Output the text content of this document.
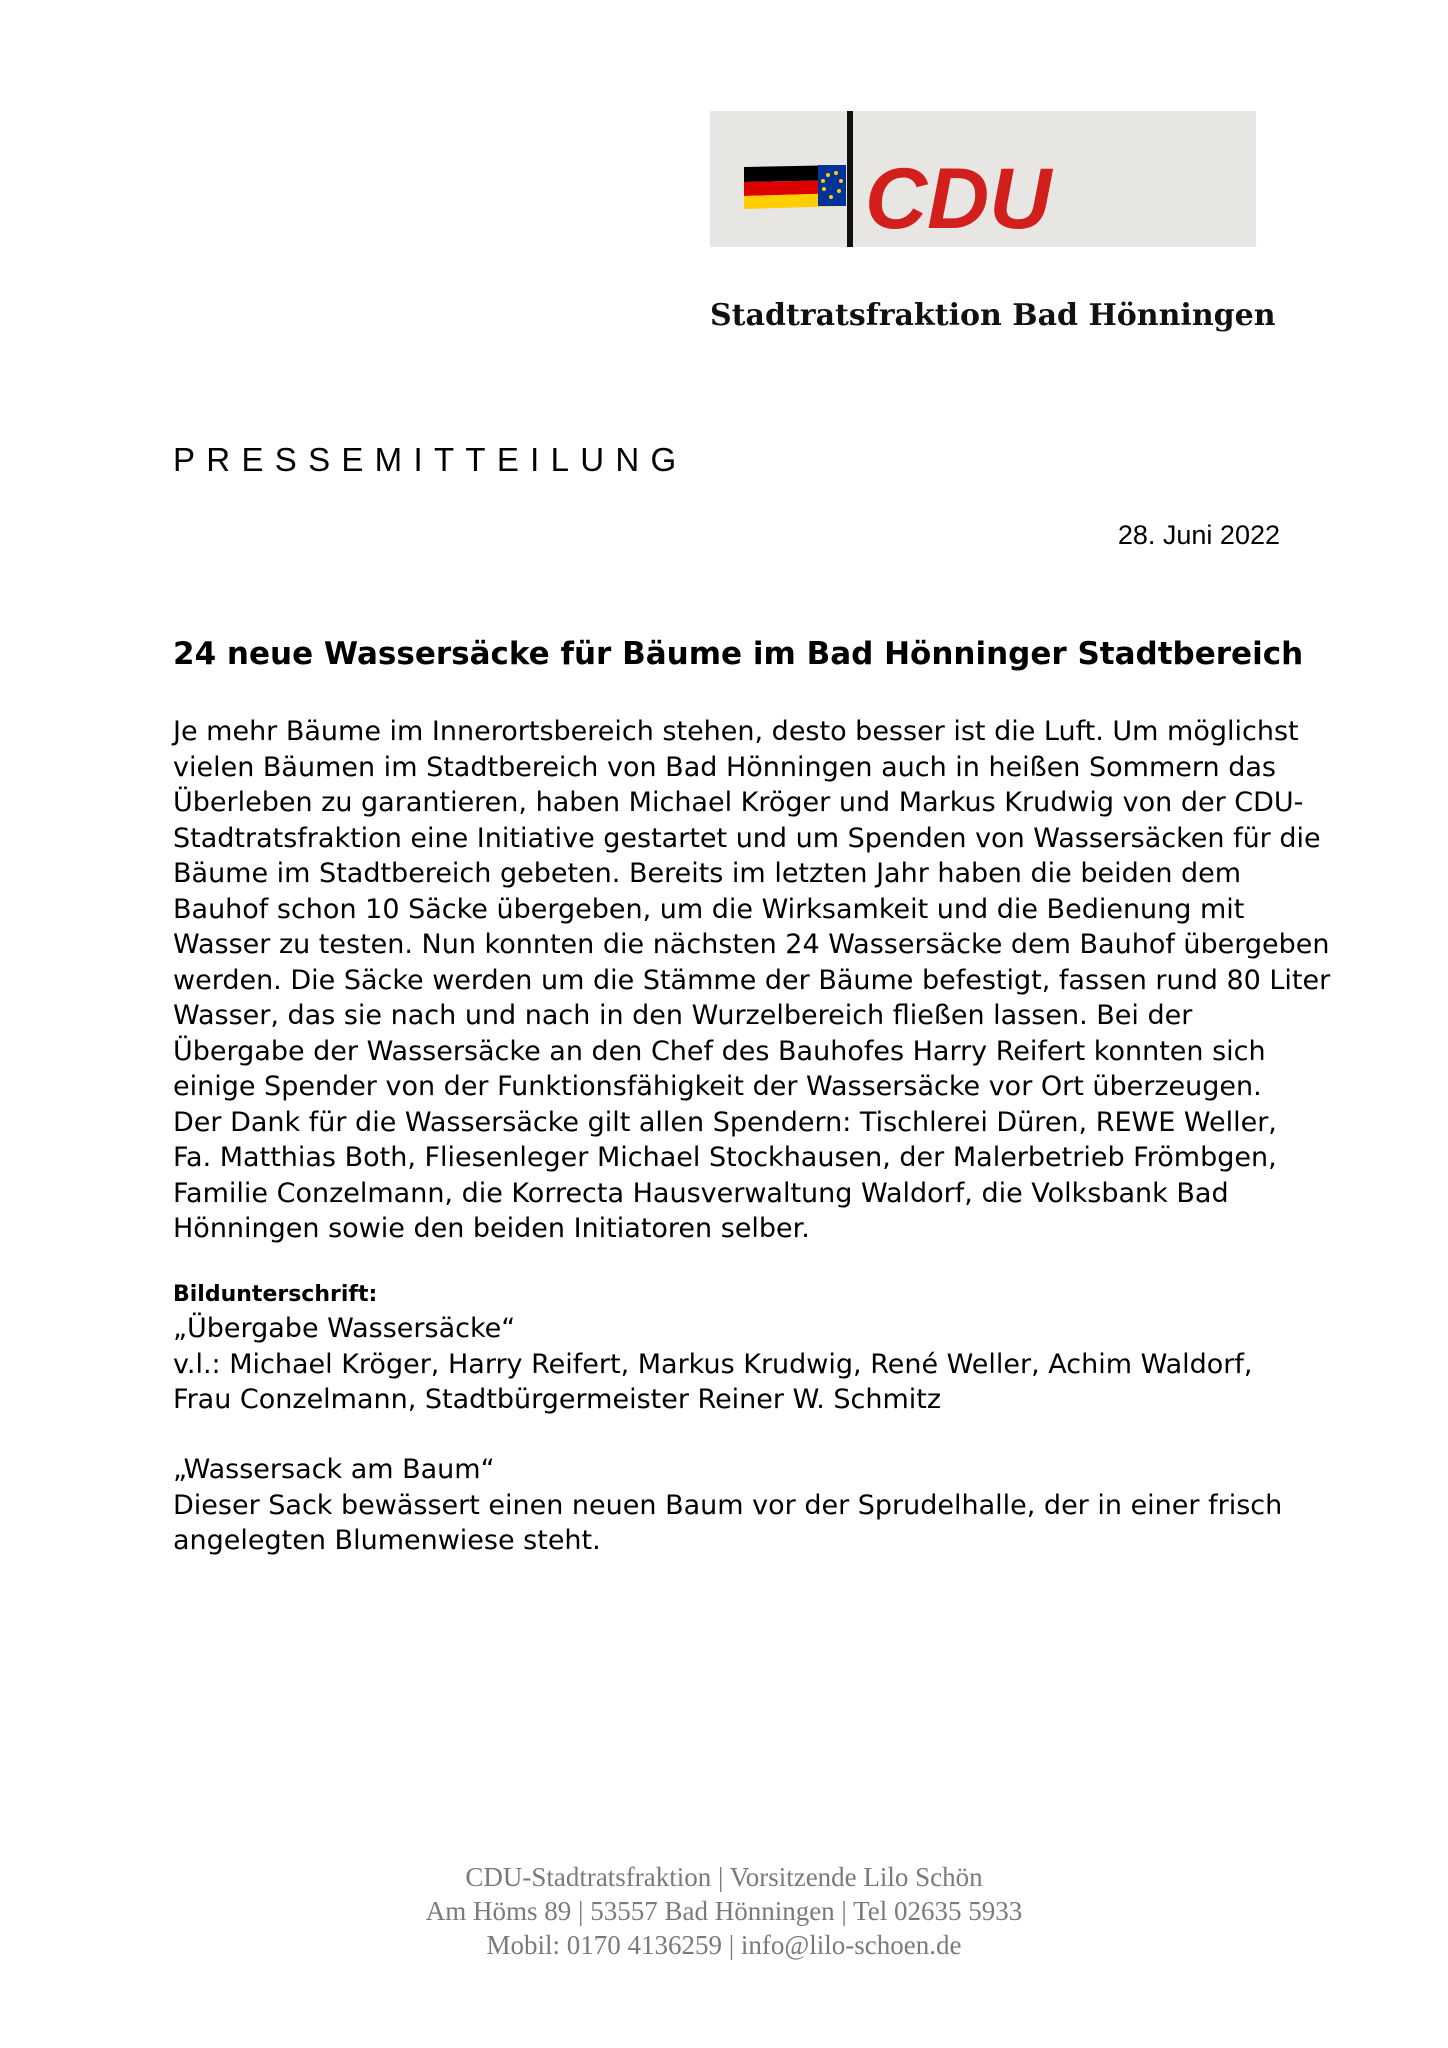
CDU
Stadtratsfraktion Bad Hönningen
PRESSEMITTEILUNG
28. Juni 2022
24 neue Wassersäcke für Bäume im Bad Hönninger Stadtbereich
Je mehr Bäume im Innerortsbereich stehen, desto besser ist die Luft. Um möglichst
vielen Bäumen im Stadtbereich von Bad Hönningen auch in heißen Sommern das
Überleben zu garantieren, haben Michael Kröger und Markus Krudwig von der CDU-
Stadtratsfraktion eine Initiative gestartet und um Spenden von Wassersäcken für die
Bäume im Stadtbereich gebeten. Bereits im letzten Jahr haben die beiden dem
Bauhof schon 10 Säcke übergeben, um die Wirksamkeit und die Bedienung mit
Wasser zu testen. Nun konnten die nächsten 24 Wassersäcke dem Bauhof übergeben
werden. Die Säcke werden um die Stämme der Bäume befestigt, fassen rund 80 Liter
Wasser, das sie nach und nach in den Wurzelbereich fließen lassen. Bei der
Übergabe der Wassersäcke an den Chef des Bauhofes Harry Reifert konnten sich
einige Spender von der Funktionsfähigkeit der Wassersäcke vor Ort überzeugen.
Der Dank für die Wassersäcke gilt allen Spendern: Tischlerei Düren, REWE Weller,
Fa. Matthias Both, Fliesenleger Michael Stockhausen, der Malerbetrieb Frömbgen,
Familie Conzelmann, die Korrecta Hausverwaltung Waldorf, die Volksbank Bad
Hönningen sowie den beiden Initiatoren selber.
Bildunterschrift:
„Übergabe Wassersäcke“
v.l.: Michael Kröger, Harry Reifert, Markus Krudwig, René Weller, Achim Waldorf,
Frau Conzelmann, Stadtbürgermeister Reiner W. Schmitz
„Wassersack am Baum“
Dieser Sack bewässert einen neuen Baum vor der Sprudelhalle, der in einer frisch
angelegten Blumenwiese steht.
CDU-Stadtratsfraktion | Vorsitzende Lilo Schön
Am Höms 89 | 53557 Bad Hönningen | Tel 02635 5933
Mobil: 0170 4136259 | info@lilo-schoen.de
